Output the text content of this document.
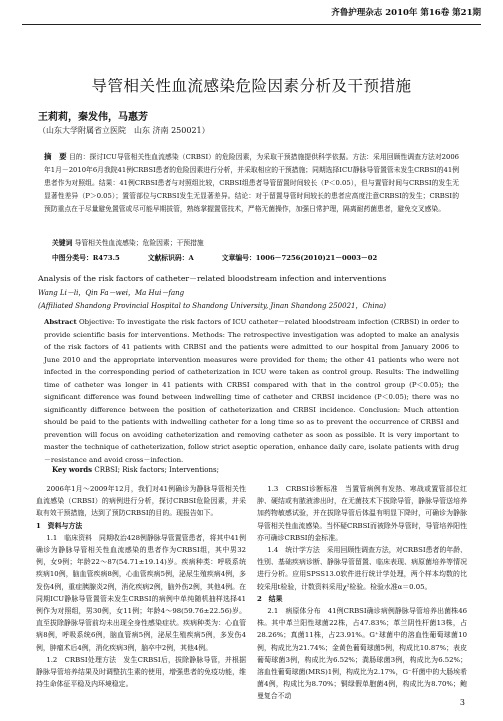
齐鲁护理杂志 2010年 第16卷 第21期
导管相关性血流感染危险因素分析及干预措施
王莉莉，秦发伟，马惠芳
（山东大学附属省立医院　山东 济南 250021）
摘　要 目的：探讨ICU导管相关性血流感染（CRBSI）的危险因素，为采取干预措施提供科学依据。方法：采用回顾性调查方法对2006年1月－2010年6月我院41例CRBSI患者的危险因素进行分析，并采取相应的干预措施；同期选择ICU静脉导管置管未发生CRBSI的41例患者作为对照组。结果：41例CRBSI患者与对照组比较，CRBSI组患者导管留置时间较长（P＜0.05），但与置管时间与CRBSI的发生无显著性差异（P＞0.05）；置管部位与CRBSI发生无显著差异。结论：对于留置导管时间较长的患者应高度注意CRBSI的发生；CRBSI的预防重点在于尽量避免置管或尽可能早期拔管，熟练掌握置管技术，严格无菌操作，加强日常护理，隔离耐药菌患者，避免交叉感染。
关键词 导管相关性血流感染；危险因素；干预措施
中图分类号：R473.5	文献标识码：A	文章编号：1006－7256(2010)21－0003－02
Analysis of the risk factors of catheter－related bloodstream infection and interventions
Wang Li－li，Qin Fa－wei，Ma Hui－fang
(Affiliated Shandong Provincial Hospital to Shandong University, Jinan Shandong 250021，China)
Abstract Objective: To investigate the risk factors of ICU catheter－related bloodstream infection (CRBSI) in order to provide scientific basis for interventions. Methods: The retrospective investigation was adopted to make an analysis of the risk factors of 41 patients with CRBSI and the patients were admitted to our hospital from January 2006 to June 2010 and the appropriate intervention measures were provided for them; the other 41 patients who were not infected in the corresponding period of catheterization in ICU were taken as control group. Results: The indwelling time of catheter was longer in 41 patients with CRBSI compared with that in the control group (P＜0.05); the significant difference was found between indwelling time of catheter and CRBSI incidence (P＜0.05); there was no significantly difference between the position of catheterization and CRBSI incidence. Conclusion: Much attention should be paid to the patients with indwelling catheter for a long time so as to prevent the occurrence of CRBSI and prevention will focus on avoiding catheterization and removing catheter as soon as possible. It is very important to master the technique of catheterization, follow strict aseptic operation, enhance daily care, isolate patients with drug－resistance and avoid cross－infection.
Key words CRBSI; Risk factors; Interventions;

2006年1月～2009年12月，我们对41例确诊为静脉导管相关性血流感染（CRBSI）的病例进行分析，探讨CRBSI危险因素，并采取有效干预措施，达到了预防CRBSI的目的。现报告如下。

1　资料与方法

1.1　临床资料　同期收治428例静脉导管置管患者，将其中41例确诊为静脉导管相关性血流感染的患者作为CRBSI组，其中男32例，女9例；年龄22～87(54.71±19.14)岁。疾病种类：呼吸系统疾病10例，脑血管疾病8例，心血管疾病5例，泌尿生殖疾病4例，多发伤4例，重症胰腺炎2例，消化疾病2例，脑外伤2例，其他4例。在同期ICU静脉导管置管未发生CRBSI的病例中单纯随机抽样选择41例作为对照组，男30例，女11例；年龄4～98(59.76±22.56)岁。直至拔除静脉导管前均未出现全身性感染症状。疾病种类为：心血管病8例，呼吸系统6例，脑血管病5例，泌尿生殖疾病5例，多发伤4例，肿瘤术后4例，消化疾病3例，脑卒中2例，其他4例。

1.2　CRBSI处理方法　发生CRBSI后，拔除静脉导管，并根据静脉导管培养结果及时调整抗生素的使用，增强患者的免疫功能，维持生命体征平稳及内环境稳定。

1.3　CRBSI诊断标准　当置管病例有发热、寒战或置管部位红肿、硬结或有脓液渗出时，在无菌技术下拔除导管，静脉导管送培养加药物敏感试验，并在拔除导管后体温有明显下降时，可确诊为静脉导管相关性血流感染。当怀疑CRBSI而被除外导管时，导管培养阳性亦可确诊CRBSI的金标准。

1.4　统计学方法　采用回顾性调查方法，对CRBSI患者的年龄、性别、基础疾病诊断、静脉导管留置、临床表现、病原菌培养等情况进行分析。应用SPSS13.0软件进行统计学处理，两个样本均数的比较采用t检验，计数资料采用χ²检验。检验水准α＝0.05。

2　结果

2.1　病原体分布　41例CRBSI确诊病例静脉导管培养出菌株46株。其中革兰阳性球菌22株，占47.83%；革兰阴性杆菌13株，占28.26%；真菌11株，占23.91%。G⁺球菌中的溶血性葡萄球菌10例，构成比为21.74%；金黄色葡萄球菌5例，构成比10.87%；表皮葡萄球菌3例，构成比为6.52%；粪肠球菌3例，构成比为6.52%；溶血性葡萄球菌(MRS)1例，构成比为2.17%，G⁻杆菌中的大肠埃希菌4例，构成比为8.70%；铜绿假单胞菌4例，构成比为8.70%；鲍曼复合不动

3
